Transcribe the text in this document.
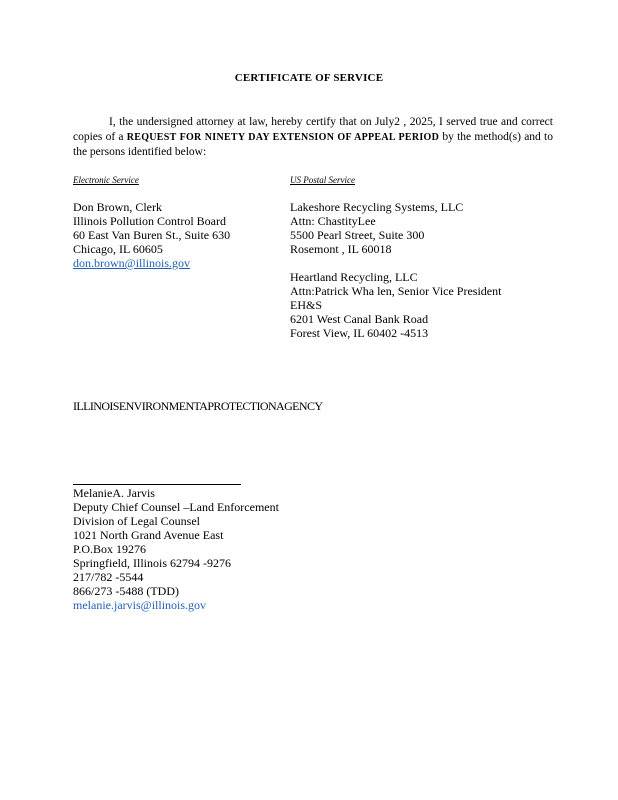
CERTIFICATE OF SERVICE
I, the undersigned attorney at law, hereby certify that on July2 , 2025, I served true and correct copies of a REQUEST FOR NINETY DAY EXTENSION OF APPEAL PERIOD by the method(s) and to the persons identified below:
Electronic Service	US Postal Service
Don Brown, Clerk
Illinois Pollution Control Board
60 East Van Buren St., Suite 630
Chicago, IL 60605
don.brown@illinois.gov
Lakeshore Recycling Systems, LLC
Attn: ChastityLee
5500 Pearl Street, Suite 300
Rosemont , IL 60018
Heartland Recycling, LLC
Attn:Patrick Wha len, Senior Vice President
EH&S
6201 West Canal Bank Road
Forest View, IL 60402 -4513
ILLINOISENVIRONMENTAPROTECTIONAGENCY
MelanieA. Jarvis
Deputy Chief Counsel –Land Enforcement
Division of Legal Counsel
1021 North Grand Avenue East
P.O.Box 19276
Springfield, Illinois 62794 -9276
217/782 -5544
866/273 -5488 (TDD)
melanie.jarvis@illinois.gov
